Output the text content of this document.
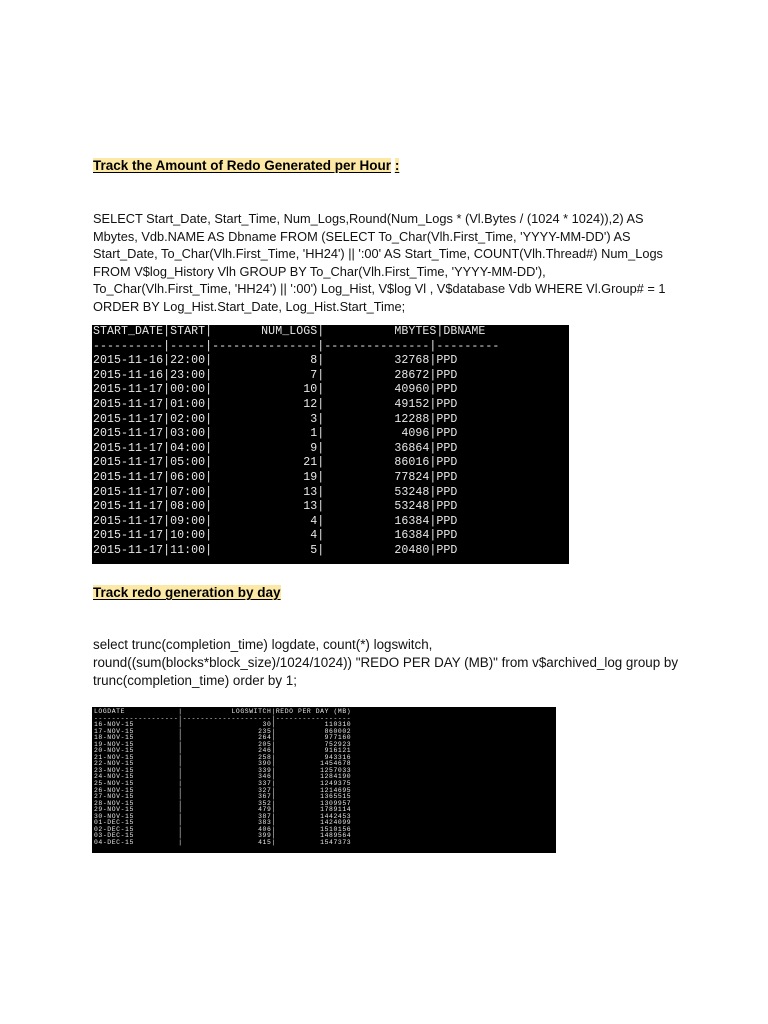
Track the Amount of Redo Generated per Hour :

SELECT Start_Date, Start_Time, Num_Logs,Round(Num_Logs * (Vl.Bytes / (1024 * 1024)),2) AS Mbytes, Vdb.NAME AS Dbname FROM (SELECT To_Char(Vlh.First_Time, 'YYYY-MM-DD') AS Start_Date, To_Char(Vlh.First_Time, 'HH24') || ':00' AS Start_Time, COUNT(Vlh.Thread#) Num_Logs FROM V$log_History Vlh GROUP BY To_Char(Vlh.First_Time, 'YYYY-MM-DD'), To_Char(Vlh.First_Time, 'HH24') || ':00') Log_Hist, V$log Vl , V$database Vdb WHERE Vl.Group# = 1 ORDER BY Log_Hist.Start_Date, Log_Hist.Start_Time;

START_DATE|START|       NUM_LOGS|          MBYTES|DBNAME
----------|-----|---------------|---------------|---------
2015-11-16|22:00|              8|          32768|PPD
2015-11-16|23:00|              7|          28672|PPD
2015-11-17|00:00|             10|          40960|PPD
2015-11-17|01:00|             12|          49152|PPD
2015-11-17|02:00|              3|          12288|PPD
2015-11-17|03:00|              1|           4096|PPD
2015-11-17|04:00|              9|          36864|PPD
2015-11-17|05:00|             21|          86016|PPD
2015-11-17|06:00|             19|          77824|PPD
2015-11-17|07:00|             13|          53248|PPD
2015-11-17|08:00|             13|          53248|PPD
2015-11-17|09:00|              4|          16384|PPD
2015-11-17|10:00|              4|          16384|PPD
2015-11-17|11:00|              5|          20480|PPD
Track redo generation by day

select trunc(completion_time) logdate, count(*) logswitch, round((sum(blocks*block_size)/1024/1024)) "REDO PER DAY (MB)" from v$archived_log group by trunc(completion_time) order by 1;

LOGDATE            |           LOGSWITCH|REDO PER DAY (MB)
-------------------|--------------------|-----------------
16-NOV-15          |                  30|           110310
17-NOV-15          |                 235|           860002
18-NOV-15          |                 264|           977160
19-NOV-15          |                 205|           752923
20-NOV-15          |                 246|           916121
21-NOV-15          |                 258|           943316
22-NOV-15          |                 390|          1454678
23-NOV-15          |                 339|          1257033
24-NOV-15          |                 346|          1284190
25-NOV-15          |                 337|          1249375
26-NOV-15          |                 327|          1214695
27-NOV-15          |                 367|          1365515
28-NOV-15          |                 352|          1309957
29-NOV-15          |                 479|          1789114
30-NOV-15          |                 387|          1442453
01-DEC-15          |                 383|          1424099
02-DEC-15          |                 406|          1510156
03-DEC-15          |                 399|          1489564
04-DEC-15          |                 415|          1547373
